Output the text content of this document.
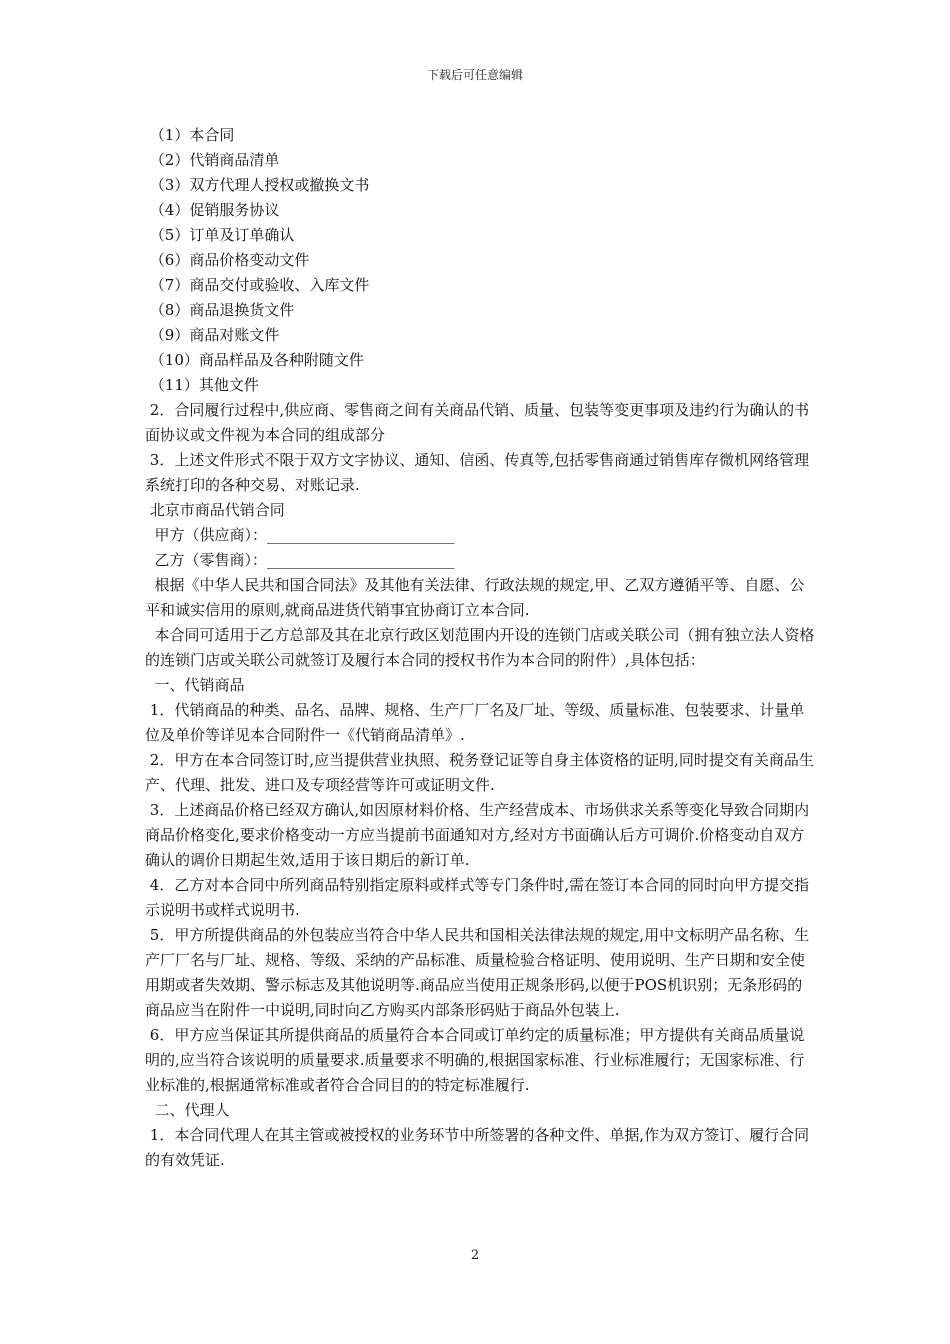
下载后可任意编辑

（1）本合同

（2）代销商品清单

（3）双方代理人授权或撤换文书

（4）促销服务协议

（5）订单及订单确认

（6）商品价格变动文件

（7）商品交付或验收、入库文件

（8）商品退换货文件

（9）商品对账文件

（10）商品样品及各种附随文件

（11）其他文件

2．合同履行过程中,供应商、零售商之间有关商品代销、质量、包装等变更事项及违约行为确认的书面协议或文件视为本合同的组成部分

3．上述文件形式不限于双方文字协议、通知、信函、传真等,包括零售商通过销售库存微机网络管理系统打印的各种交易、对账记录.

北京市商品代销合同

甲方（供应商）：_________________________

乙方（零售商）：_________________________

根据《中华人民共和国合同法》及其他有关法律、行政法规的规定,甲、乙双方遵循平等、自愿、公平和诚实信用的原则,就商品进货代销事宜协商订立本合同.

本合同可适用于乙方总部及其在北京行政区划范围内开设的连锁门店或关联公司（拥有独立法人资格的连锁门店或关联公司就签订及履行本合同的授权书作为本合同的附件）,具体包括：

一、代销商品

1．代销商品的种类、品名、品牌、规格、生产厂厂名及厂址、等级、质量标准、包装要求、计量单位及单价等详见本合同附件一《代销商品清单》.

2．甲方在本合同签订时,应当提供营业执照、税务登记证等自身主体资格的证明,同时提交有关商品生产、代理、批发、进口及专项经营等许可或证明文件.

3．上述商品价格已经双方确认,如因原材料价格、生产经营成本、市场供求关系等变化导致合同期内商品价格变化,要求价格变动一方应当提前书面通知对方,经对方书面确认后方可调价.价格变动自双方确认的调价日期起生效,适用于该日期后的新订单.

4．乙方对本合同中所列商品特别指定原料或样式等专门条件时,需在签订本合同的同时向甲方提交指示说明书或样式说明书.

5．甲方所提供商品的外包装应当符合中华人民共和国相关法律法规的规定,用中文标明产品名称、生产厂厂名与厂址、规格、等级、采纳的产品标准、质量检验合格证明、使用说明、生产日期和安全使用期或者失效期、警示标志及其他说明等.商品应当使用正规条形码,以便于POS机识别；无条形码的商品应当在附件一中说明,同时向乙方购买内部条形码贴于商品外包装上.

6．甲方应当保证其所提供商品的质量符合本合同或订单约定的质量标准；甲方提供有关商品质量说明的,应当符合该说明的质量要求.质量要求不明确的,根据国家标准、行业标准履行；无国家标准、行业标准的,根据通常标准或者符合合同目的的特定标准履行.

二、代理人

1．本合同代理人在其主管或被授权的业务环节中所签署的各种文件、单据,作为双方签订、履行合同的有效凭证.

2
